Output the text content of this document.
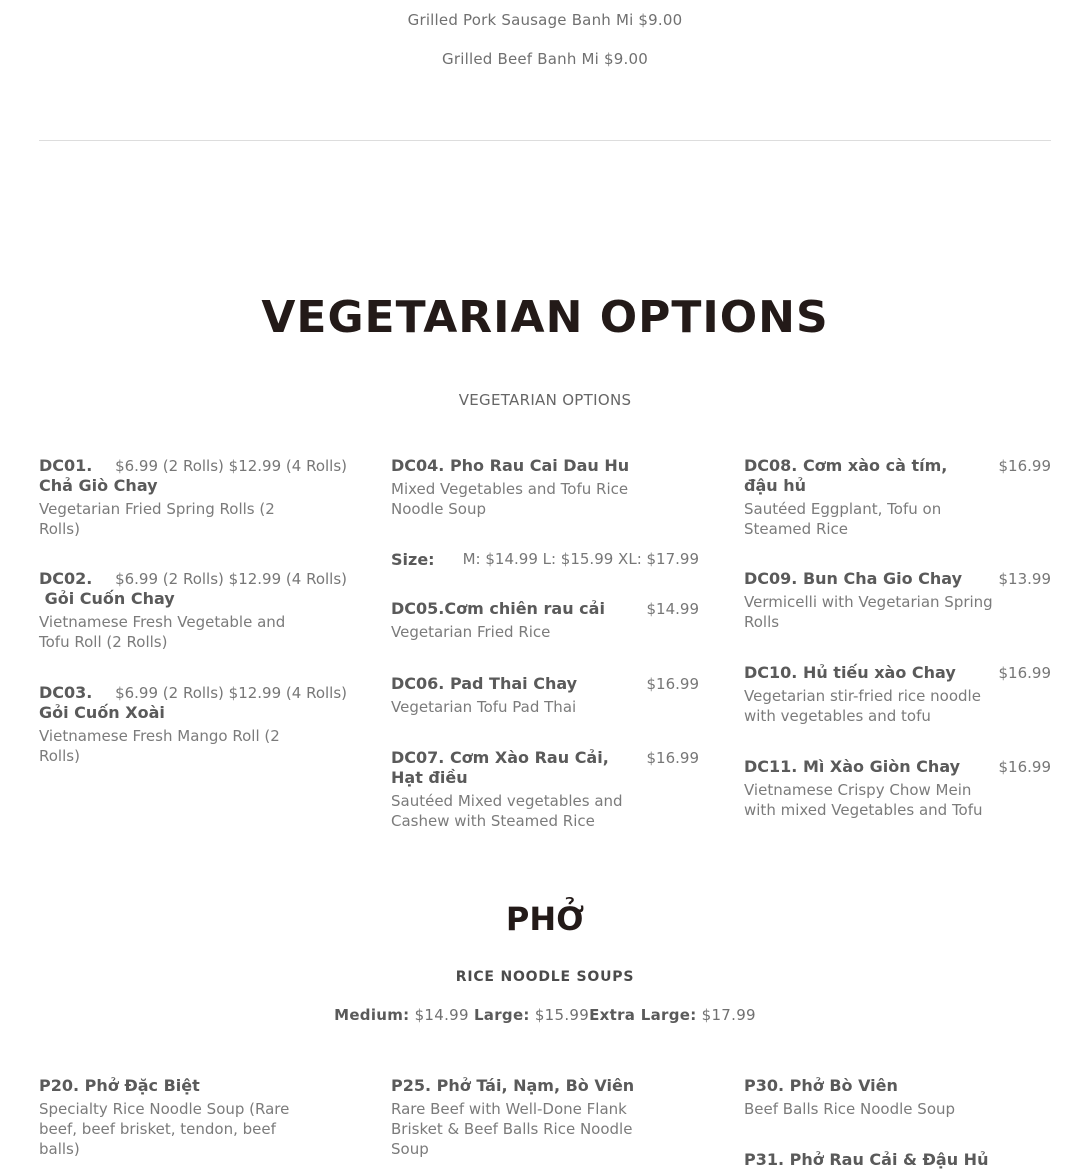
Grilled Pork Sausage Banh Mi $9.00
Grilled Beef Banh Mi $9.00
VEGETARIAN OPTIONS
VEGETARIAN OPTIONS
DC01.
Chả Giò Chay
$6.99 (2 Rolls) $12.99 (4 Rolls)
Vegetarian Fried Spring Rolls (2 Rolls)
DC02.
Gỏi Cuốn Chay
$6.99 (2 Rolls) $12.99 (4 Rolls)
Vietnamese Fresh Vegetable and Tofu Roll (2 Rolls)
DC03.
Gỏi Cuốn Xoài
$6.99 (2 Rolls) $12.99 (4 Rolls)
Vietnamese Fresh Mango Roll (2 Rolls)
DC04. Pho Rau Cai Dau Hu
Mixed Vegetables and Tofu Rice Noodle Soup
Size: M: $14.99 L: $15.99 XL: $17.99
DC05.Cơm chiên rau cải	$14.99
Vegetarian Fried Rice
DC06. Pad Thai Chay	$16.99
Vegetarian Tofu Pad Thai
DC07. Cơm Xào Rau Cải, Hạt điều
$16.99
Sautéed Mixed vegetables and Cashew with Steamed Rice
DC08. Cơm xào cà tím, đậu hủ
$16.99
Sautéed Eggplant, Tofu on Steamed Rice
DC09. Bun Cha Gio Chay	$13.99
Vermicelli with Vegetarian Spring Rolls
DC10. Hủ tiếu xào Chay	$16.99
Vegetarian stir-fried rice noodle with vegetables and tofu
DC11. Mì Xào Giòn Chay	$16.99
Vietnamese Crispy Chow Mein with mixed Vegetables and Tofu
PHỞ
RICE NOODLE SOUPS
Medium: $14.99 Large: $15.99Extra Large: $17.99
P20. Phở Đặc Biệt
Specialty Rice Noodle Soup (Rare beef, beef brisket, tendon, beef balls)
P25. Phở Tái, Nạm, Bò Viên
Rare Beef with Well-Done Flank Brisket & Beef Balls Rice Noodle Soup
P30. Phở Bò Viên
Beef Balls Rice Noodle Soup
P31. Phở Rau Cải & Đậu Hủ
